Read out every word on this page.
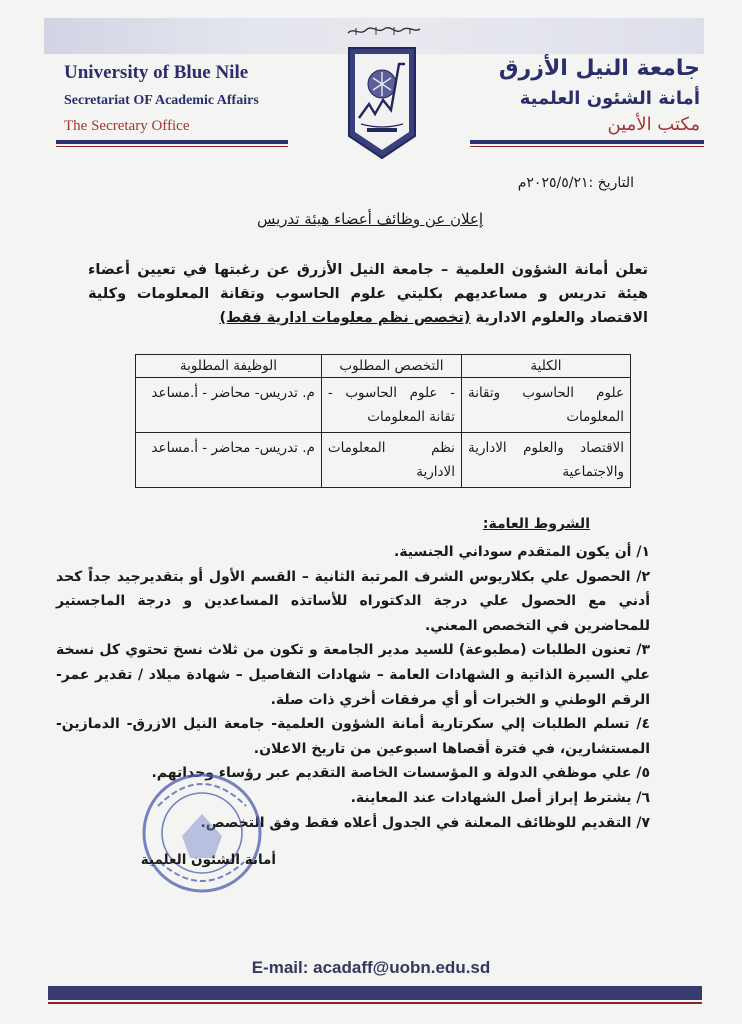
University of Blue Nile
Secretariat OF Academic Affairs
The Secretary Office
جامعة النيل الأزرق
أمانة الشئون العلمية
مكتب الأمين
التاريخ :٢٠٢٥/٥/٢١م
إعلان عن وظائف أعضاء هيئة تدريس
تعلن أمانة الشؤون العلمية – جامعة النيل الأزرق عن رغبتها في تعيين أعضاء هيئة تدريس و مساعديهم بكليتي علوم الحاسوب وتقانة المعلومات وكلية الاقتصاد والعلوم الادارية (تخصص نظم معلومات ادارية فقط)
الكلية	التخصص المطلوب	الوظيفة المطلوبة
علوم الحاسوب وتقانة المعلومات	- علوم الحاسوب - تقانة المعلومات	م. تدريس- محاضر - أ.مساعد
الاقتصاد والعلوم الادارية والاجتماعية	نظم المعلومات الادارية	م. تدريس- محاضر - أ.مساعد
الشروط العامة:

١/ أن يكون المتقدم سوداني الجنسية.

٢/ الحصول علي بكلاريوس الشرف المرتبة الثانية – القسم الأول أو بتقديرجيد جداً كحد أدني مع الحصول علي درجة الدكتوراه للأساتذه المساعدين و درجة الماجستير للمحاضرين في التخصص المعني.

٣/ تعنون الطلبات (مطبوعة) للسيد مدير الجامعة و تكون من ثلاث نسخ تحتوي كل نسخة علي السيرة الذاتية و الشهادات العامة – شهادات التفاصيل – شهادة ميلاد / تقدير عمر- الرقم الوطني و الخبرات أو أي مرفقات أخري ذات صلة.

٤/ تسلم الطلبات إلي سكرتارية أمانة الشؤون العلمية- جامعة النيل الازرق- الدمازين- المستشارين، في فترة أقصاها اسبوعين من تاريخ الاعلان.

٥/ علي موظفي الدولة و المؤسسات الخاصة التقديم عبر رؤساء وحداتهم.

٦/ يشترط إبراز أصل الشهادات عند المعاينة.

٧/ التقديم للوظائف المعلنة في الجدول أعلاه فقط وفق التخصص.

أمانة الشئون العلمية
E-mail: acadaff@uobn.edu.sd
